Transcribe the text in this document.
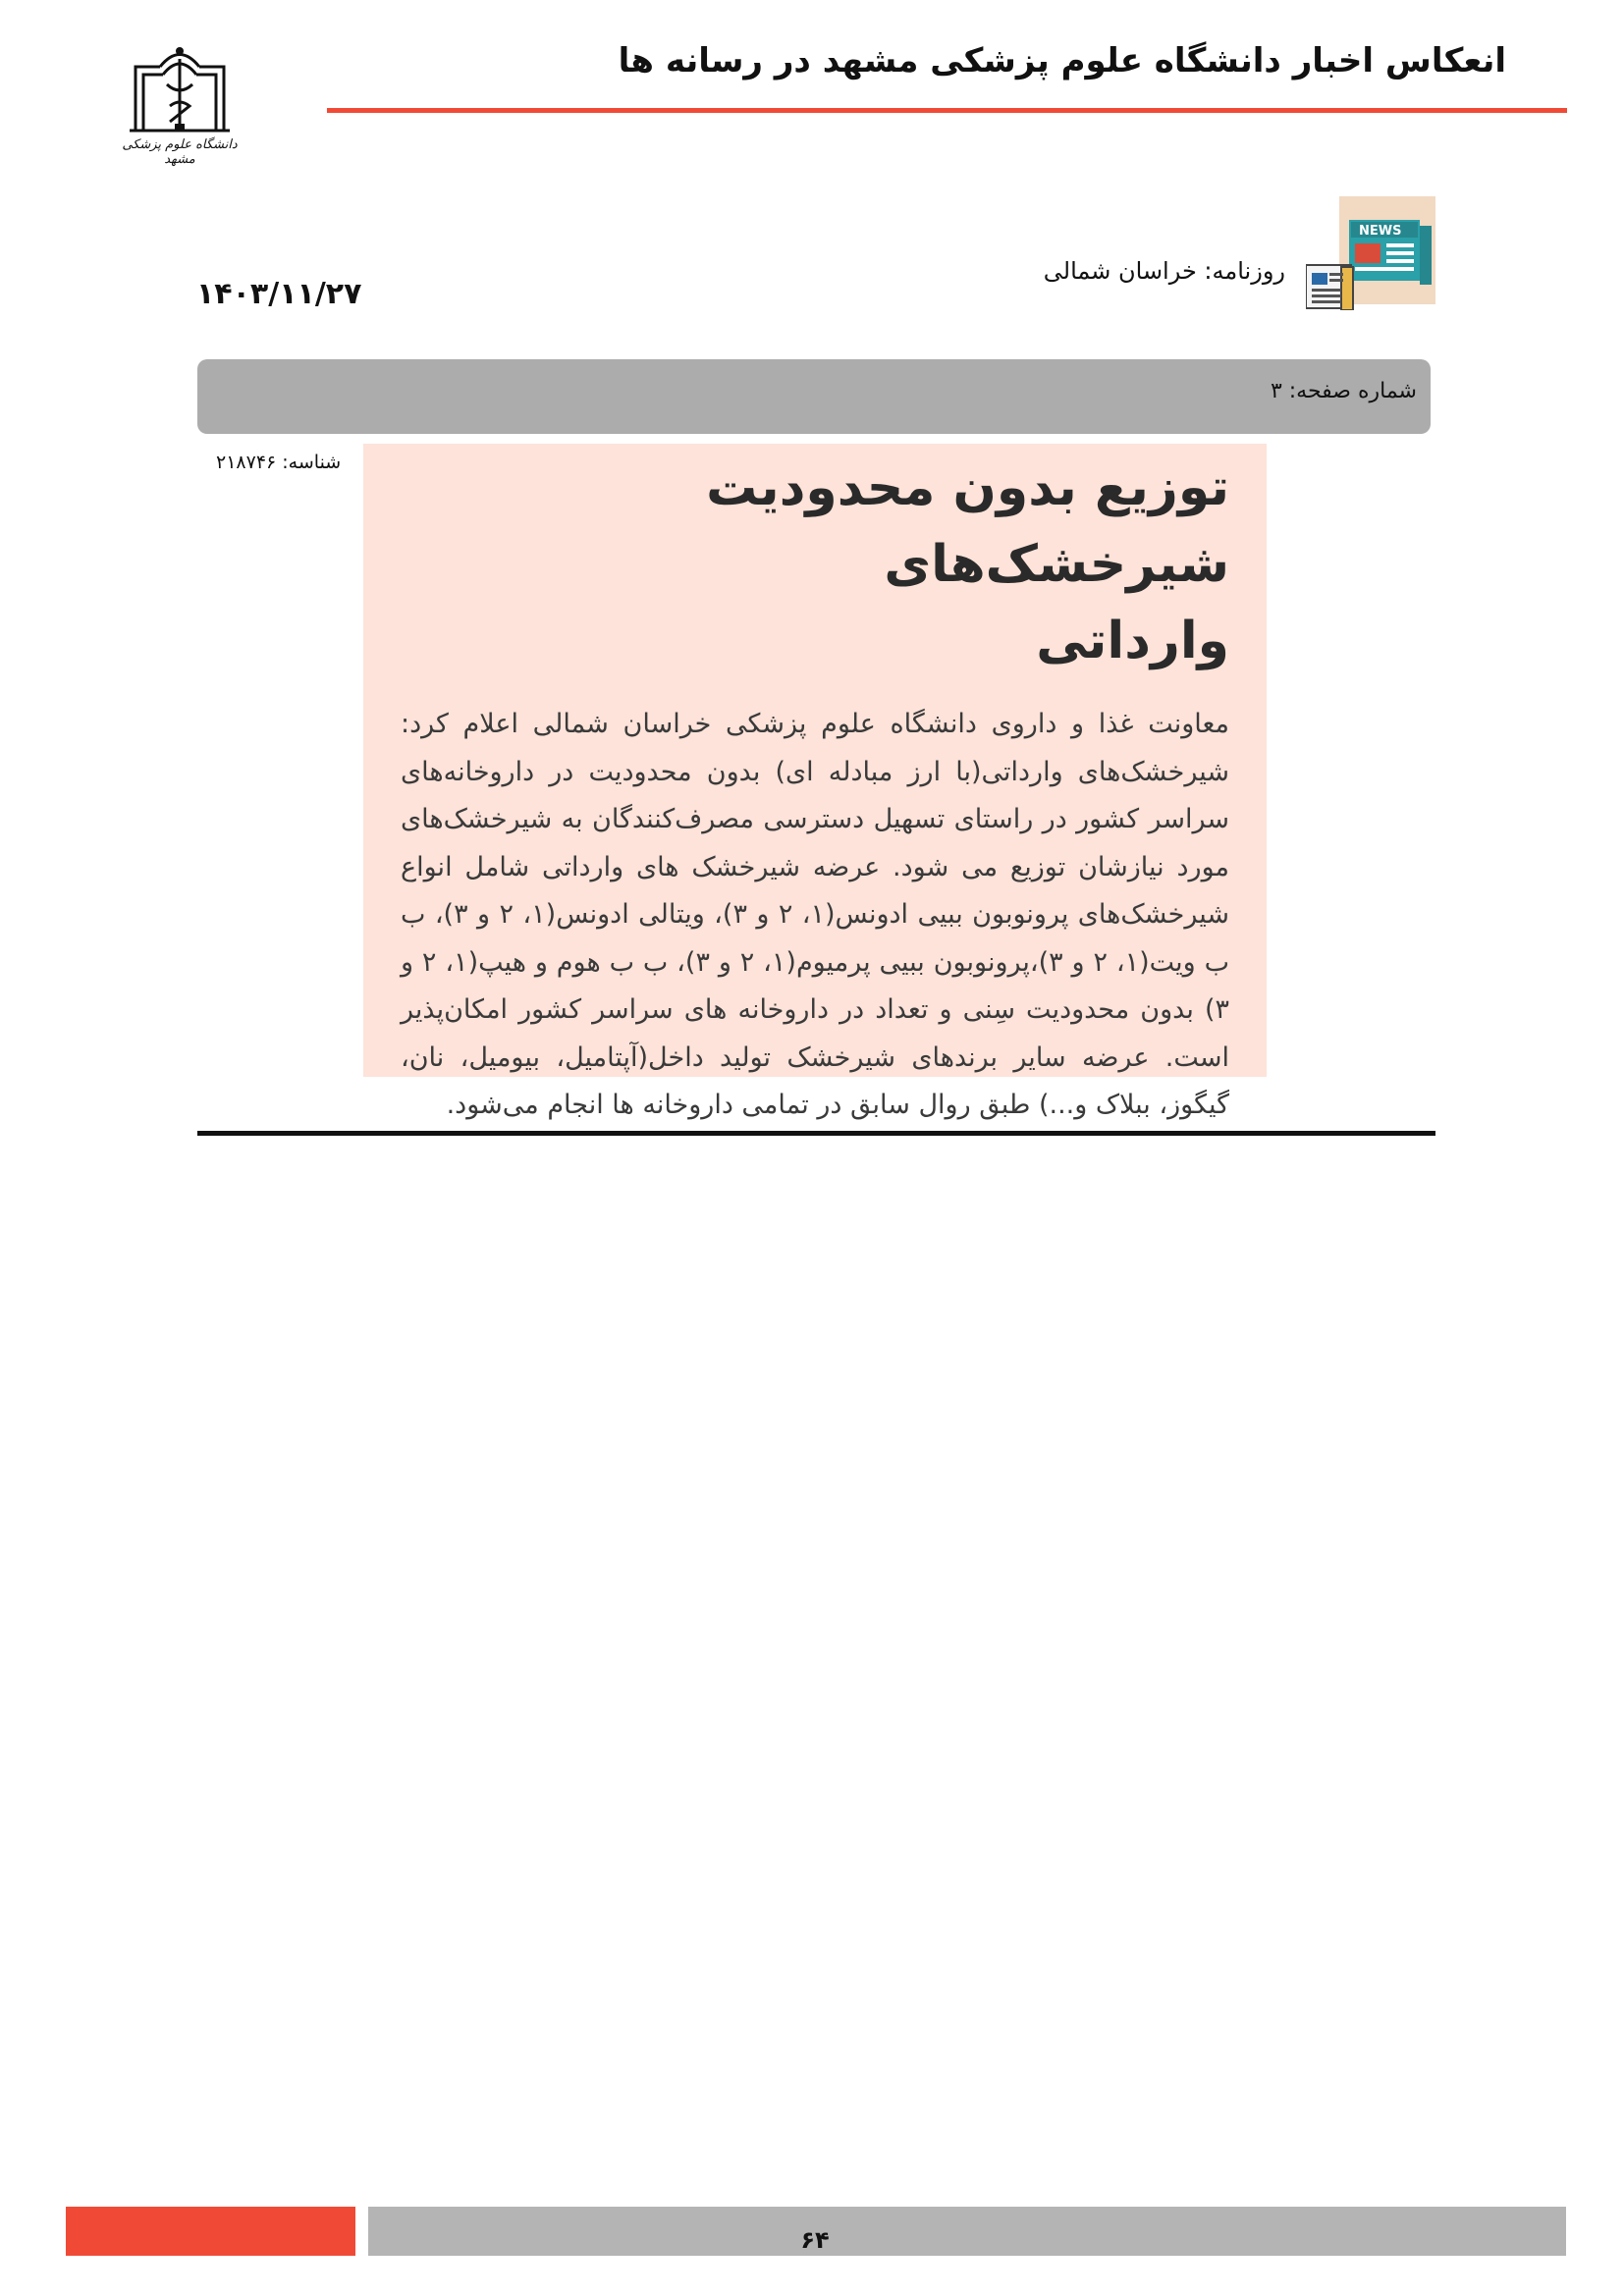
انعکاس اخبار دانشگاه علوم پزشکی مشهد در رسانه ها
دانشگاه علوم پزشکی مشهد
NEWS
روزنامه: خراسان شمالی
۱۴۰۳/۱۱/۲۷
شماره صفحه: ۳
شناسه: ۲۱۸۷۴۶	توزیع بدون محدودیت شیرخشک‌های وارداتی

معاونت غذا و داروی دانشگاه علوم پزشکی خراسان شمالی اعلام کرد: شیرخشک‌های وارداتی(با ارز مبادله ای) بدون محدودیت در داروخانه‌های سراسر کشور در راستای تسهیل دسترسی مصرف‌کنندگان به شیرخشک‌های مورد نیازشان توزیع می شود. عرضه شیرخشک های وارداتی شامل انواع شیرخشک‌های پرونوبون ببیی ادونس(۱، ۲ و ۳)، ویتالی ادونس(۱، ۲ و ۳)، ب ب ویت(۱، ۲ و ۳)،پرونوبون ببیی پرمیوم(۱، ۲ و ۳)، ب ب هوم و هیپ(۱، ۲ و ۳) بدون محدودیت سِنی و تعداد در داروخانه های سراسر کشور امکان‌پذیر است. عرضه سایر برندهای شیرخشک تولید داخل(آپتامیل، بیومیل، نان، گیگوز، ببلاک و...) طبق روال سابق در تمامی داروخانه ها انجام می‌شود.

۶۴
